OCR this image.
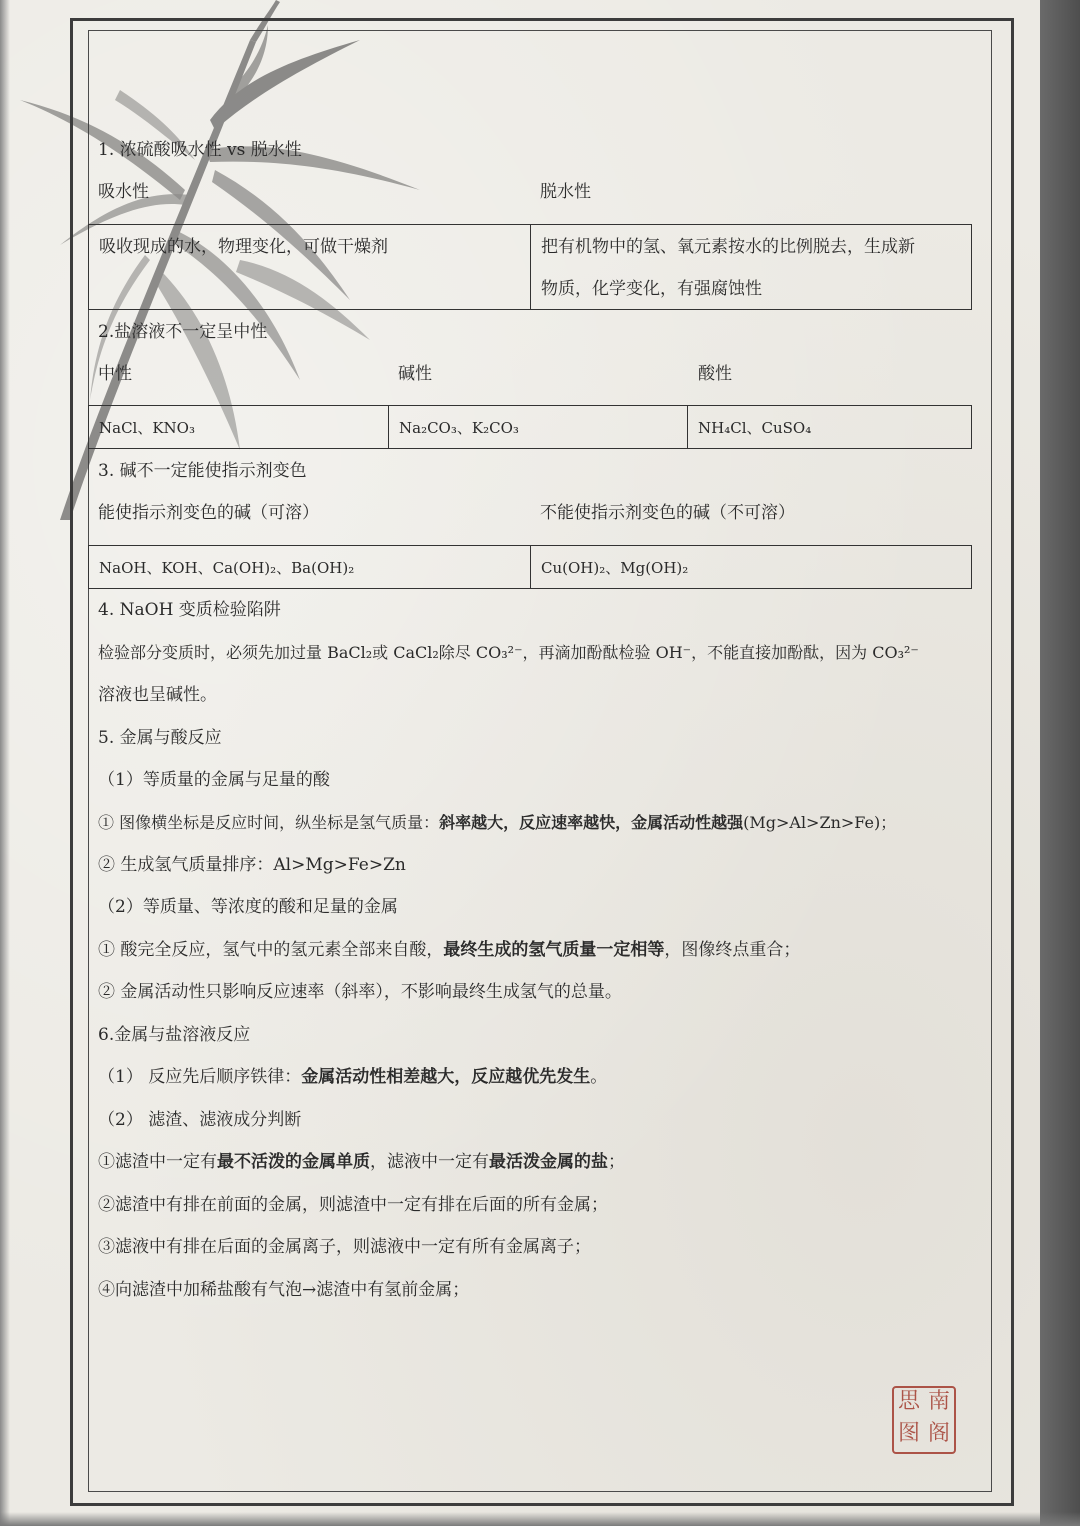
1. 浓硫酸吸水性 vs 脱水性
吸水性	脱水性
吸收现成的水，物理变化，可做干燥剂	把有机物中的氢、氧元素按水的比例脱去，生成新
物质，化学变化，有强腐蚀性
2.盐溶液不一定呈中性
中性	碱性	酸性
NaCl、KNO₃	Na₂CO₃、K₂CO₃	NH₄Cl、CuSO₄
3. 碱不一定能使指示剂变色
能使指示剂变色的碱（可溶）	不能使指示剂变色的碱（不可溶）
NaOH、KOH、Ca(OH)₂、Ba(OH)₂	Cu(OH)₂、Mg(OH)₂
4. NaOH 变质检验陷阱
检验部分变质时，必须先加过量 BaCl₂或 CaCl₂除尽 CO₃²⁻，再滴加酚酞检验 OH⁻，不能直接加酚酞，因为 CO₃²⁻
溶液也呈碱性。
5. 金属与酸反应
（1）等质量的金属与足量的酸
① 图像横坐标是反应时间，纵坐标是氢气质量：斜率越大，反应速率越快，金属活动性越强(Mg>Al>Zn>Fe)；
② 生成氢气质量排序：Al>Mg>Fe>Zn
（2）等质量、等浓度的酸和足量的金属
① 酸完全反应，氢气中的氢元素全部来自酸，最终生成的氢气质量一定相等，图像终点重合；
② 金属活动性只影响反应速率（斜率），不影响最终生成氢气的总量。
6.金属与盐溶液反应
（1） 反应先后顺序铁律：金属活动性相差越大，反应越优先发生。
（2） 滤渣、滤液成分判断
①滤渣中一定有最不活泼的金属单质，滤液中一定有最活泼金属的盐；
②滤渣中有排在前面的金属，则滤渣中一定有排在后面的所有金属；
③滤液中有排在后面的金属离子，则滤液中一定有所有金属离子；
④向滤渣中加稀盐酸有气泡→滤渣中有氢前金属；
思 南
图 阁
